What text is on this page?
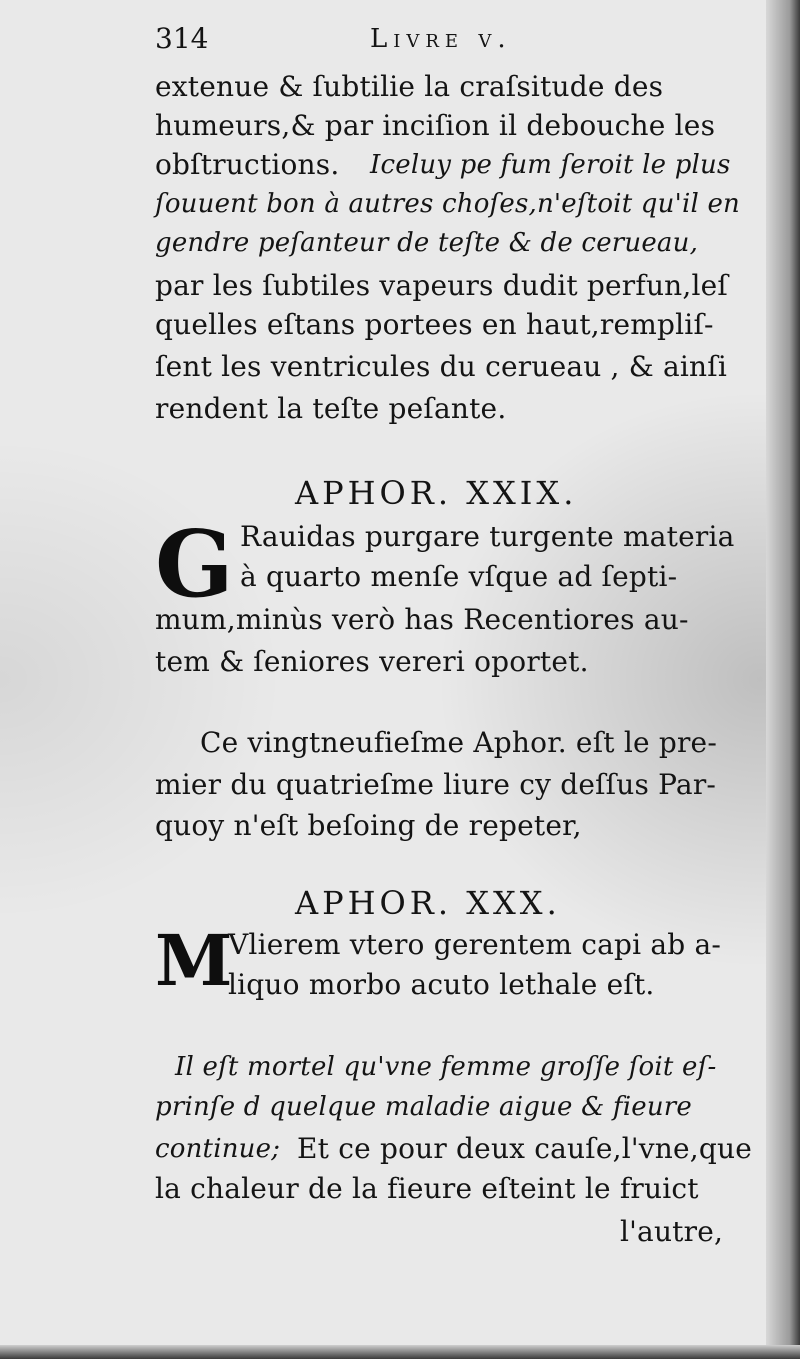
314	Livre v.
extenue & ſubtilie la craſsitude des
humeurs,& par inciſion il debouche les
obſtructions. Iceluy pe fum ſeroit le plus
ſouuent bon à autres choſes,n'eſtoit qu'il en
gendre peſanteur de teſte & de cerueau,
par les ſubtiles vapeurs dudit perfun,leſ
quelles eſtans portees en haut,rempliſ-
ſent les ventricules du cerueau , & ainſi
rendent la teſte peſante.
APHOR. XXIX.
G Rauidas purgare turgente materia
à quarto menſe vſque ad ſepti-
mum,minùs verò has Recentiores au-
tem & ſeniores vereri oportet.
Ce vingtneufieſme Aphor. eſt le pre-
mier du quatrieſme liure cy deſſus Par-
quoy n'eſt beſoing de repeter,
APHOR. XXX.
M
Vlierem vtero gerentem capi ab a-
liquo morbo acuto lethale eſt.
Il eſt mortel qu'vne femme groſſe ſoit eſ-
prinſe d quelque maladie aigue & fieure
continue; Et ce pour deux cauſe,l'vne,que
la chaleur de la fieure eſteint le fruict
l'autre,
